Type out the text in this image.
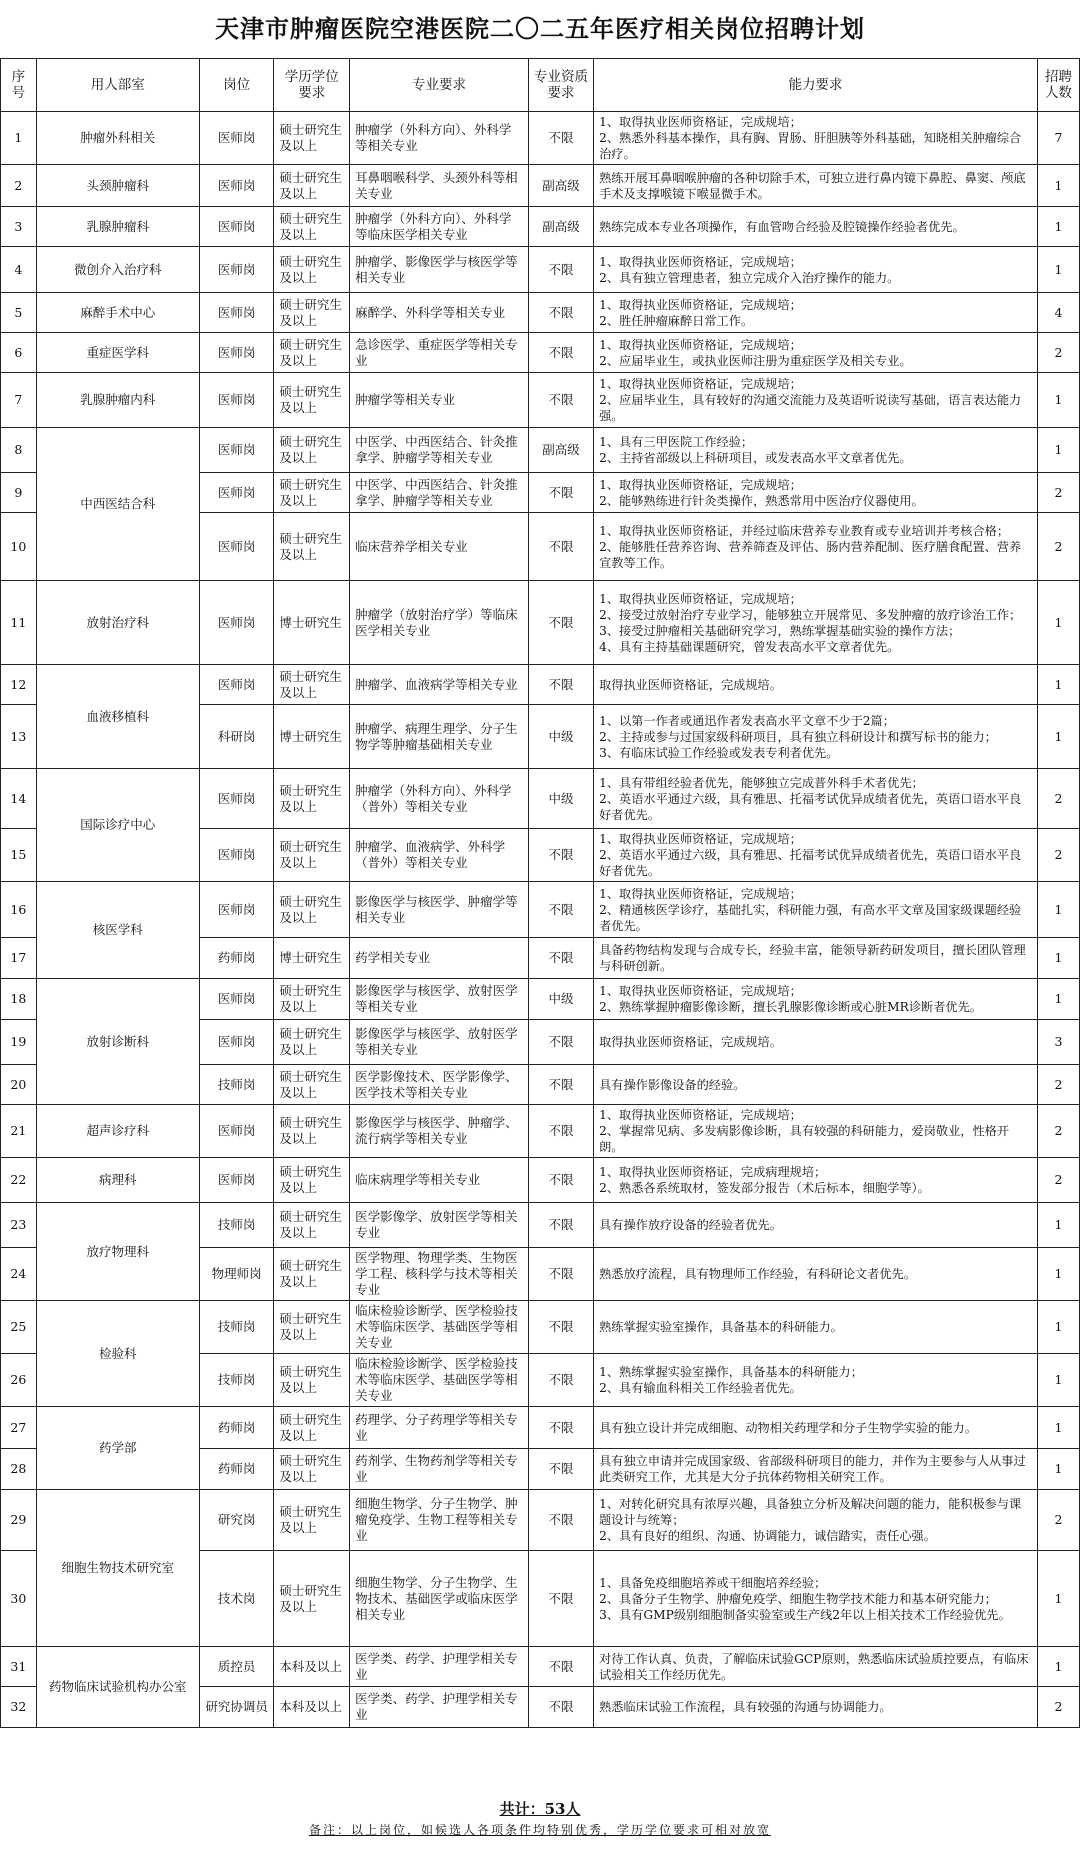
天津市肿瘤医院空港医院二〇二五年医疗相关岗位招聘计划
序号	用人部室	岗位	学历学位要求	专业要求	专业资质要求	能力要求	招聘人数
1	肿瘤外科相关	医师岗	硕士研究生及以上	肿瘤学（外科方向）、外科学等相关专业	不限	1、取得执业医师资格证，完成规培；
2、熟悉外科基本操作，具有胸、胃肠、肝胆胰等外科基础，知晓相关肿瘤综合治疗。	7
2	头颈肿瘤科	医师岗	硕士研究生及以上	耳鼻咽喉科学、头颈外科等相关专业	副高级	熟练开展耳鼻咽喉肿瘤的各种切除手术，可独立进行鼻内镜下鼻腔、鼻窦、颅底手术及支撑喉镜下喉显微手术。	1
3	乳腺肿瘤科	医师岗	硕士研究生及以上	肿瘤学（外科方向）、外科学等临床医学相关专业	副高级	熟练完成本专业各项操作，有血管吻合经验及腔镜操作经验者优先。	1
4	微创介入治疗科	医师岗	硕士研究生及以上	肿瘤学、影像医学与核医学等相关专业	不限	1、取得执业医师资格证，完成规培；
2、具有独立管理患者，独立完成介入治疗操作的能力。	1
5	麻醉手术中心	医师岗	硕士研究生及以上	麻醉学、外科学等相关专业	不限	1、取得执业医师资格证，完成规培；
2、胜任肿瘤麻醉日常工作。	4
6	重症医学科	医师岗	硕士研究生及以上	急诊医学、重症医学等相关专业	不限	1、取得执业医师资格证，完成规培；
2、应届毕业生，或执业医师注册为重症医学及相关专业。	2
7	乳腺肿瘤内科	医师岗	硕士研究生及以上	肿瘤学等相关专业	不限	1、取得执业医师资格证，完成规培；
2、应届毕业生，具有较好的沟通交流能力及英语听说读写基础，语言表达能力强。	1
8	中西医结合科	医师岗	硕士研究生及以上	中医学、中西医结合、针灸推拿学、肿瘤学等相关专业	副高级	1、具有三甲医院工作经验；
2、主持省部级以上科研项目，或发表高水平文章者优先。	1
9		医师岗	硕士研究生及以上	中医学、中西医结合、针灸推拿学、肿瘤学等相关专业	不限	1、取得执业医师资格证，完成规培；
2、能够熟练进行针灸类操作，熟悉常用中医治疗仪器使用。	2
10		医师岗	硕士研究生及以上	临床营养学相关专业	不限	1、取得执业医师资格证，并经过临床营养专业教育或专业培训并考核合格；
2、能够胜任营养咨询、营养筛查及评估、肠内营养配制、医疗膳食配置、营养宣教等工作。	2
11	放射治疗科	医师岗	博士研究生	肿瘤学（放射治疗学）等临床医学相关专业	不限	1、取得执业医师资格证，完成规培；
2、接受过放射治疗专业学习，能够独立开展常见、多发肿瘤的放疗诊治工作；
3、接受过肿瘤相关基础研究学习，熟练掌握基础实验的操作方法；
4、具有主持基础课题研究，曾发表高水平文章者优先。	1
12	血液移植科	医师岗	硕士研究生及以上	肿瘤学、血液病学等相关专业	不限	取得执业医师资格证，完成规培。	1
13		科研岗	博士研究生	肿瘤学、病理生理学、分子生物学等肿瘤基础相关专业	中级	1、以第一作者或通迅作者发表高水平文章不少于2篇；
2、主持或参与过国家级科研项目，具有独立科研设计和撰写标书的能力；
3、有临床试验工作经验或发表专利者优先。	1
14	国际诊疗中心	医师岗	硕士研究生及以上	肿瘤学（外科方向）、外科学（普外）等相关专业	中级	1、具有带组经验者优先，能够独立完成普外科手术者优先；
2、英语水平通过六级，具有雅思、托福考试优异成绩者优先，英语口语水平良好者优先。	2
15		医师岗	硕士研究生及以上	肿瘤学、血液病学、外科学（普外）等相关专业	不限	1、取得执业医师资格证，完成规培；
2、英语水平通过六级，具有雅思、托福考试优异成绩者优先，英语口语水平良好者优先。	2
16	核医学科	医师岗	硕士研究生及以上	影像医学与核医学、肿瘤学等相关专业	不限	1、取得执业医师资格证，完成规培；
2、精通核医学诊疗，基础扎实，科研能力强，有高水平文章及国家级课题经验者优先。	1
17		药师岗	博士研究生	药学相关专业	不限	具备药物结构发现与合成专长，经验丰富，能领导新药研发项目，擅长团队管理与科研创新。	1
18	放射诊断科	医师岗	硕士研究生及以上	影像医学与核医学、放射医学等相关专业	中级	1、取得执业医师资格证，完成规培；
2、熟练掌握肿瘤影像诊断，擅长乳腺影像诊断或心脏MR诊断者优先。	1
19		医师岗	硕士研究生及以上	影像医学与核医学、放射医学等相关专业	不限	取得执业医师资格证，完成规培。	3
20		技师岗	硕士研究生及以上	医学影像技术、医学影像学、医学技术等相关专业	不限	具有操作影像设备的经验。	2
21	超声诊疗科	医师岗	硕士研究生及以上	影像医学与核医学、肿瘤学、流行病学等相关专业	不限	1、取得执业医师资格证，完成规培；
2、掌握常见病、多发病影像诊断，具有较强的科研能力，爱岗敬业，性格开朗。	2
22	病理科	医师岗	硕士研究生及以上	临床病理学等相关专业	不限	1、取得执业医师资格证，完成病理规培；
2、熟悉各系统取材，签发部分报告（术后标本，细胞学等）。	2
23	放疗物理科	技师岗	硕士研究生及以上	医学影像学、放射医学等相关专业	不限	具有操作放疗设备的经验者优先。	1
24		物理师岗	硕士研究生及以上	医学物理、物理学类、生物医学工程、核科学与技术等相关专业	不限	熟悉放疗流程，具有物理师工作经验，有科研论文者优先。	1
25	检验科	技师岗	硕士研究生及以上	临床检验诊断学、医学检验技术等临床医学、基础医学等相关专业	不限	熟练掌握实验室操作，具备基本的科研能力。	1
26		技师岗	硕士研究生及以上	临床检验诊断学、医学检验技术等临床医学、基础医学等相关专业	不限	1、熟练掌握实验室操作，具备基本的科研能力；
2、具有输血科相关工作经验者优先。	1
27	药学部	药师岗	硕士研究生及以上	药理学、分子药理学等相关专业	不限	具有独立设计并完成细胞、动物相关药理学和分子生物学实验的能力。	1
28		药师岗	硕士研究生及以上	药剂学、生物药剂学等相关专业	不限	具有独立申请并完成国家级、省部级科研项目的能力，并作为主要参与人从事过此类研究工作，尤其是大分子抗体药物相关研究工作。	1
29	细胞生物技术研究室	研究岗	硕士研究生及以上	细胞生物学、分子生物学、肿瘤免疫学、生物工程等相关专业	不限	1、对转化研究具有浓厚兴趣，具备独立分析及解决问题的能力，能积极参与课题设计与统筹；
2、具有良好的组织、沟通、协调能力，诚信踏实，责任心强。	2
30		技术岗	硕士研究生及以上	细胞生物学、分子生物学、生物技术、基础医学或临床医学相关专业	不限	1、具备免疫细胞培养或干细胞培养经验；
2、具备分子生物学、肿瘤免疫学、细胞生物学技术能力和基本研究能力；
3、具有GMP级别细胞制备实验室或生产线2年以上相关技术工作经验优先。	1
31	药物临床试验机构办公室	质控员	本科及以上	医学类、药学、护理学相关专业	不限	对待工作认真、负责，了解临床试验GCP原则，熟悉临床试验质控要点，有临床试验相关工作经历优先。	1
32		研究协调员	本科及以上	医学类、药学、护理学相关专业	不限	熟悉临床试验工作流程，具有较强的沟通与协调能力。	2
共计：53人
备注：以上岗位，如候选人各项条件均特别优秀，学历学位要求可相对放宽
